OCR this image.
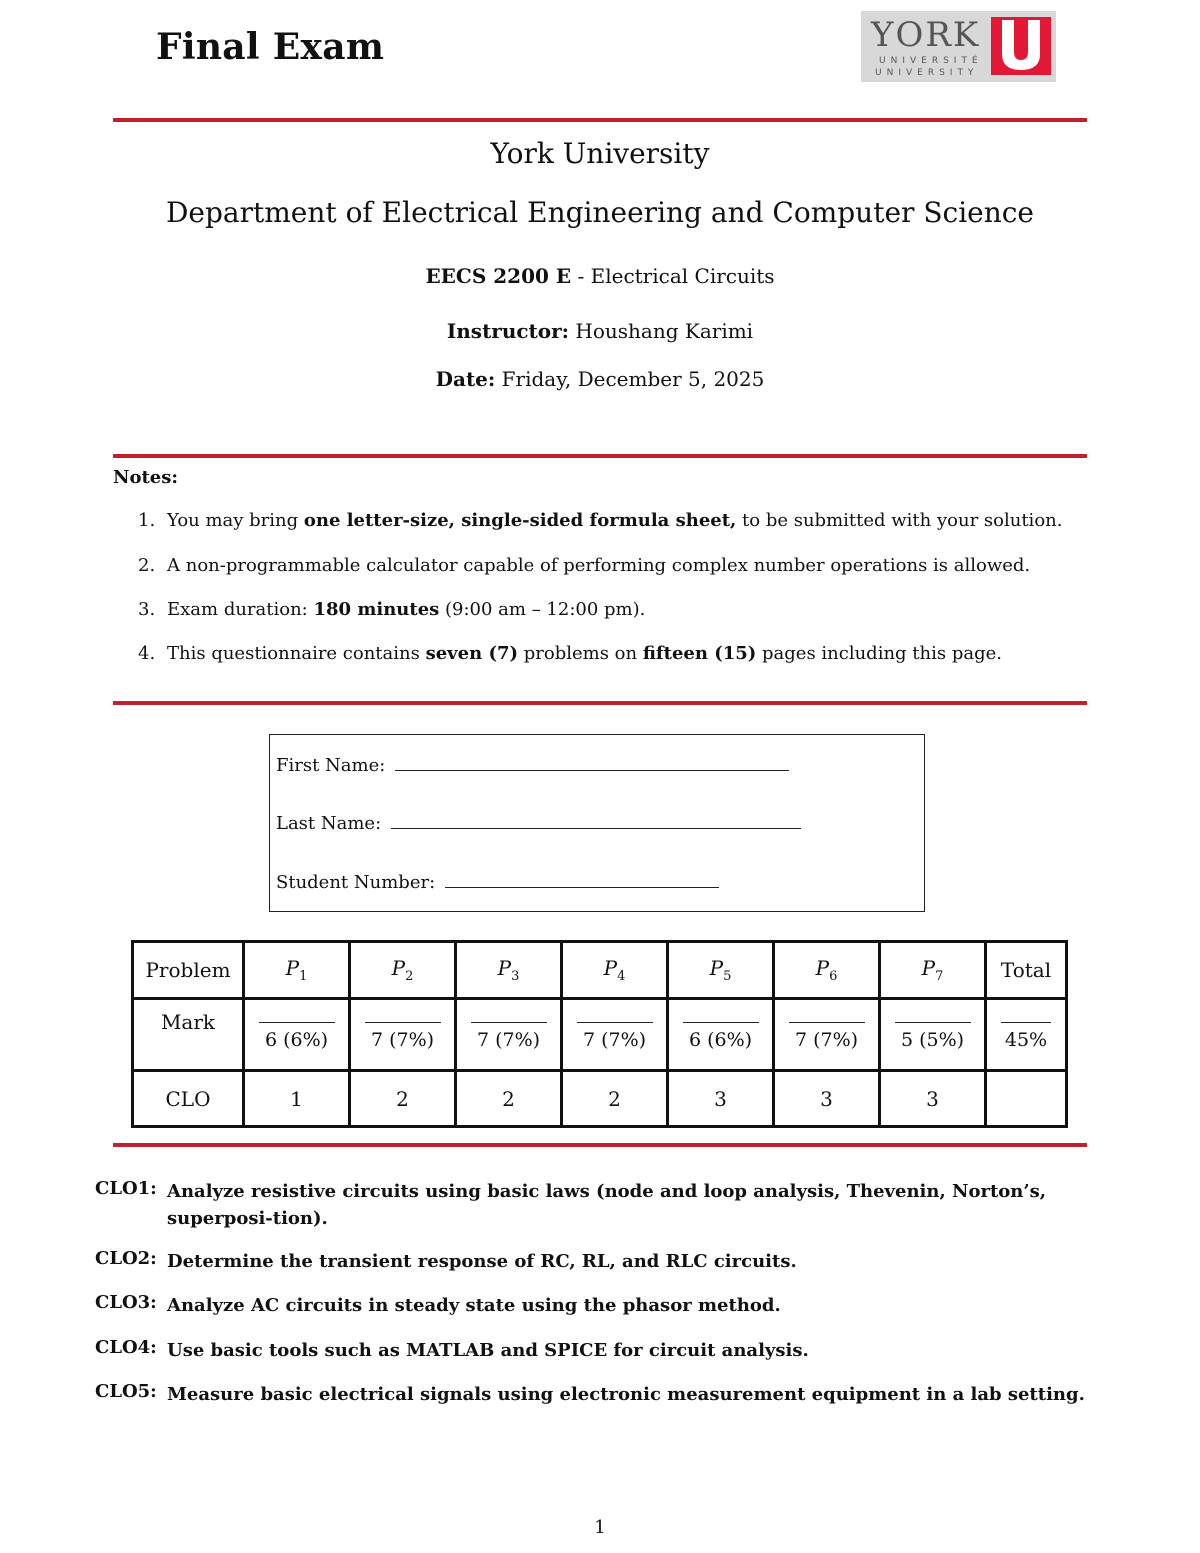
Final Exam	YORK
UNIVERSITÉ
UNIVERSITY
York University
Department of Electrical Engineering and Computer Science
EECS 2200 E - Electrical Circuits
Instructor: Houshang Karimi
Date: Friday, December 5, 2025
Notes:
1. You may bring one letter-size, single-sided formula sheet, to be submitted with your solution.
2. A non-programmable calculator capable of performing complex number operations is allowed.
3. Exam duration: 180 minutes (9:00 am – 12:00 pm).
4. This questionnaire contains seven (7) problems on fifteen (15) pages including this page.
First Name:
Last Name:
Student Number:
Problem	$P_1$	$P_2$	$P_3$	$P_4$	$P_5$	$P_6$	$P_7$	Total
Mark	6 (6%)	7 (7%)	7 (7%)	7 (7%)	6 (6%)	7 (7%)	5 (5%)	45%

CLO	1	2	2	2	3	3	3	
CLO1: Analyze resistive circuits using basic laws (node and loop analysis, Thevenin, Norton’s, superposi-tion).
CLO2: Determine the transient response of RC, RL, and RLC circuits.
CLO3: Analyze AC circuits in steady state using the phasor method.
CLO4: Use basic tools such as MATLAB and SPICE for circuit analysis.
CLO5: Measure basic electrical signals using electronic measurement equipment in a lab setting.
1
